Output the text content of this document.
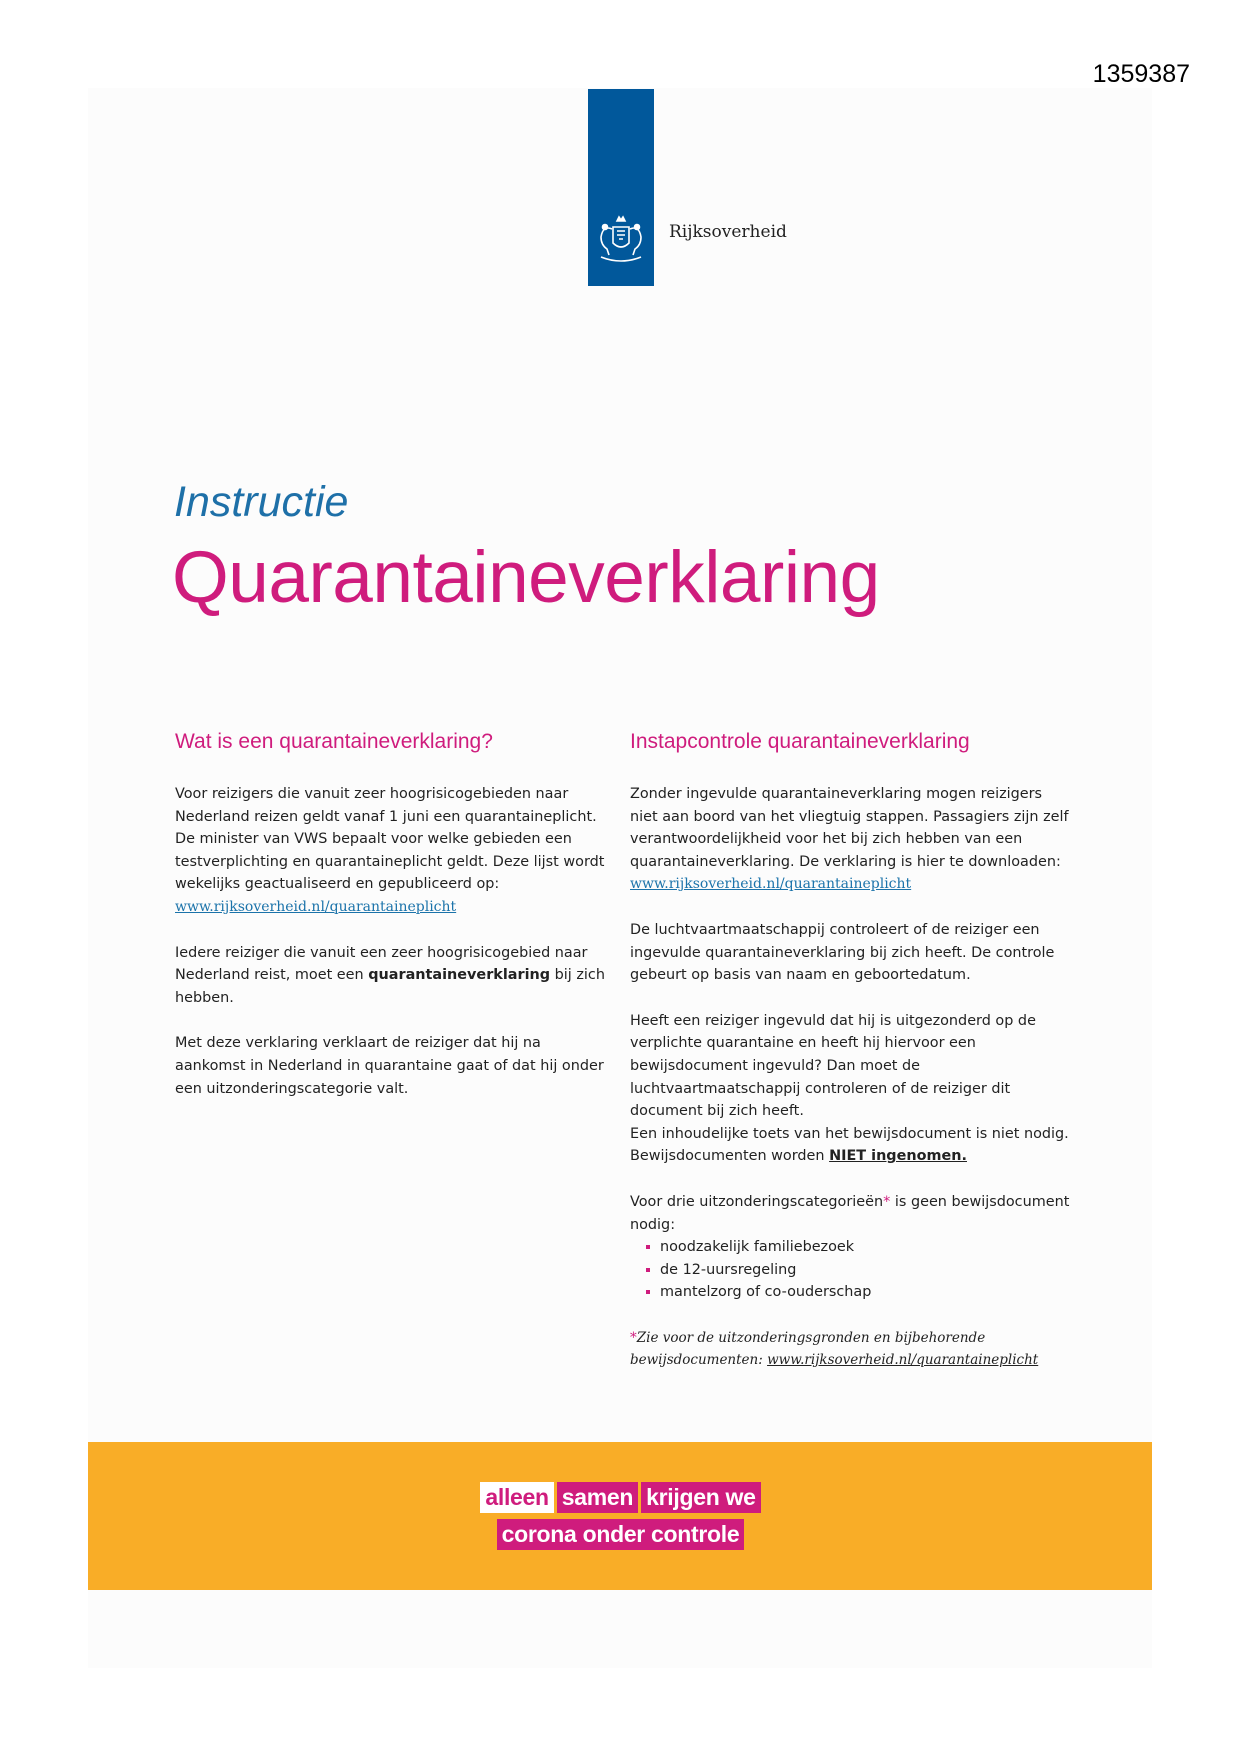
1359387
Rijksoverheid
Instructie
Quarantaineverklaring
Wat is een quarantaineverklaring?

Voor reizigers die vanuit zeer hoogrisicogebieden naar Nederland reizen geldt vanaf 1 juni een quarantaineplicht. De minister van VWS bepaalt voor welke gebieden een testverplichting en quarantaineplicht geldt. Deze lijst wordt wekelijks geactualiseerd en gepubliceerd op:
www.rijksoverheid.nl/quarantaineplicht

Iedere reiziger die vanuit een zeer hoogrisicogebied naar Nederland reist, moet een quarantaineverklaring bij zich hebben.

Met deze verklaring verklaart de reiziger dat hij na aankomst in Nederland in quarantaine gaat of dat hij onder een uitzonderingscategorie valt.

Instapcontrole quarantaineverklaring

Zonder ingevulde quarantaineverklaring mogen reizigers niet aan boord van het vliegtuig stappen. Passagiers zijn zelf verantwoordelijkheid voor het bij zich hebben van een quarantaineverklaring. De verklaring is hier te downloaden:
www.rijksoverheid.nl/quarantaineplicht

De luchtvaartmaatschappij controleert of de reiziger een ingevulde quarantaineverklaring bij zich heeft. De controle gebeurt op basis van naam en geboortedatum.

Heeft een reiziger ingevuld dat hij is uitgezonderd op de verplichte quarantaine en heeft hij hiervoor een bewijsdocument ingevuld? Dan moet de luchtvaartmaatschappij controleren of de reiziger dit document bij zich heeft.

Een inhoudelijke toets van het bewijsdocument is niet nodig. Bewijsdocumenten worden NIET ingenomen.

Voor drie uitzonderingscategorieën* is geen bewijsdocument nodig:

noodzakelijk familiebezoek
de 12-uursregeling
mantelzorg of co-ouderschap
*Zie voor de uitzonderingsgronden en bijbehorende bewijsdocumenten: www.rijksoverheid.nl/quarantaineplicht
alleen samen krijgen we
corona onder controle
